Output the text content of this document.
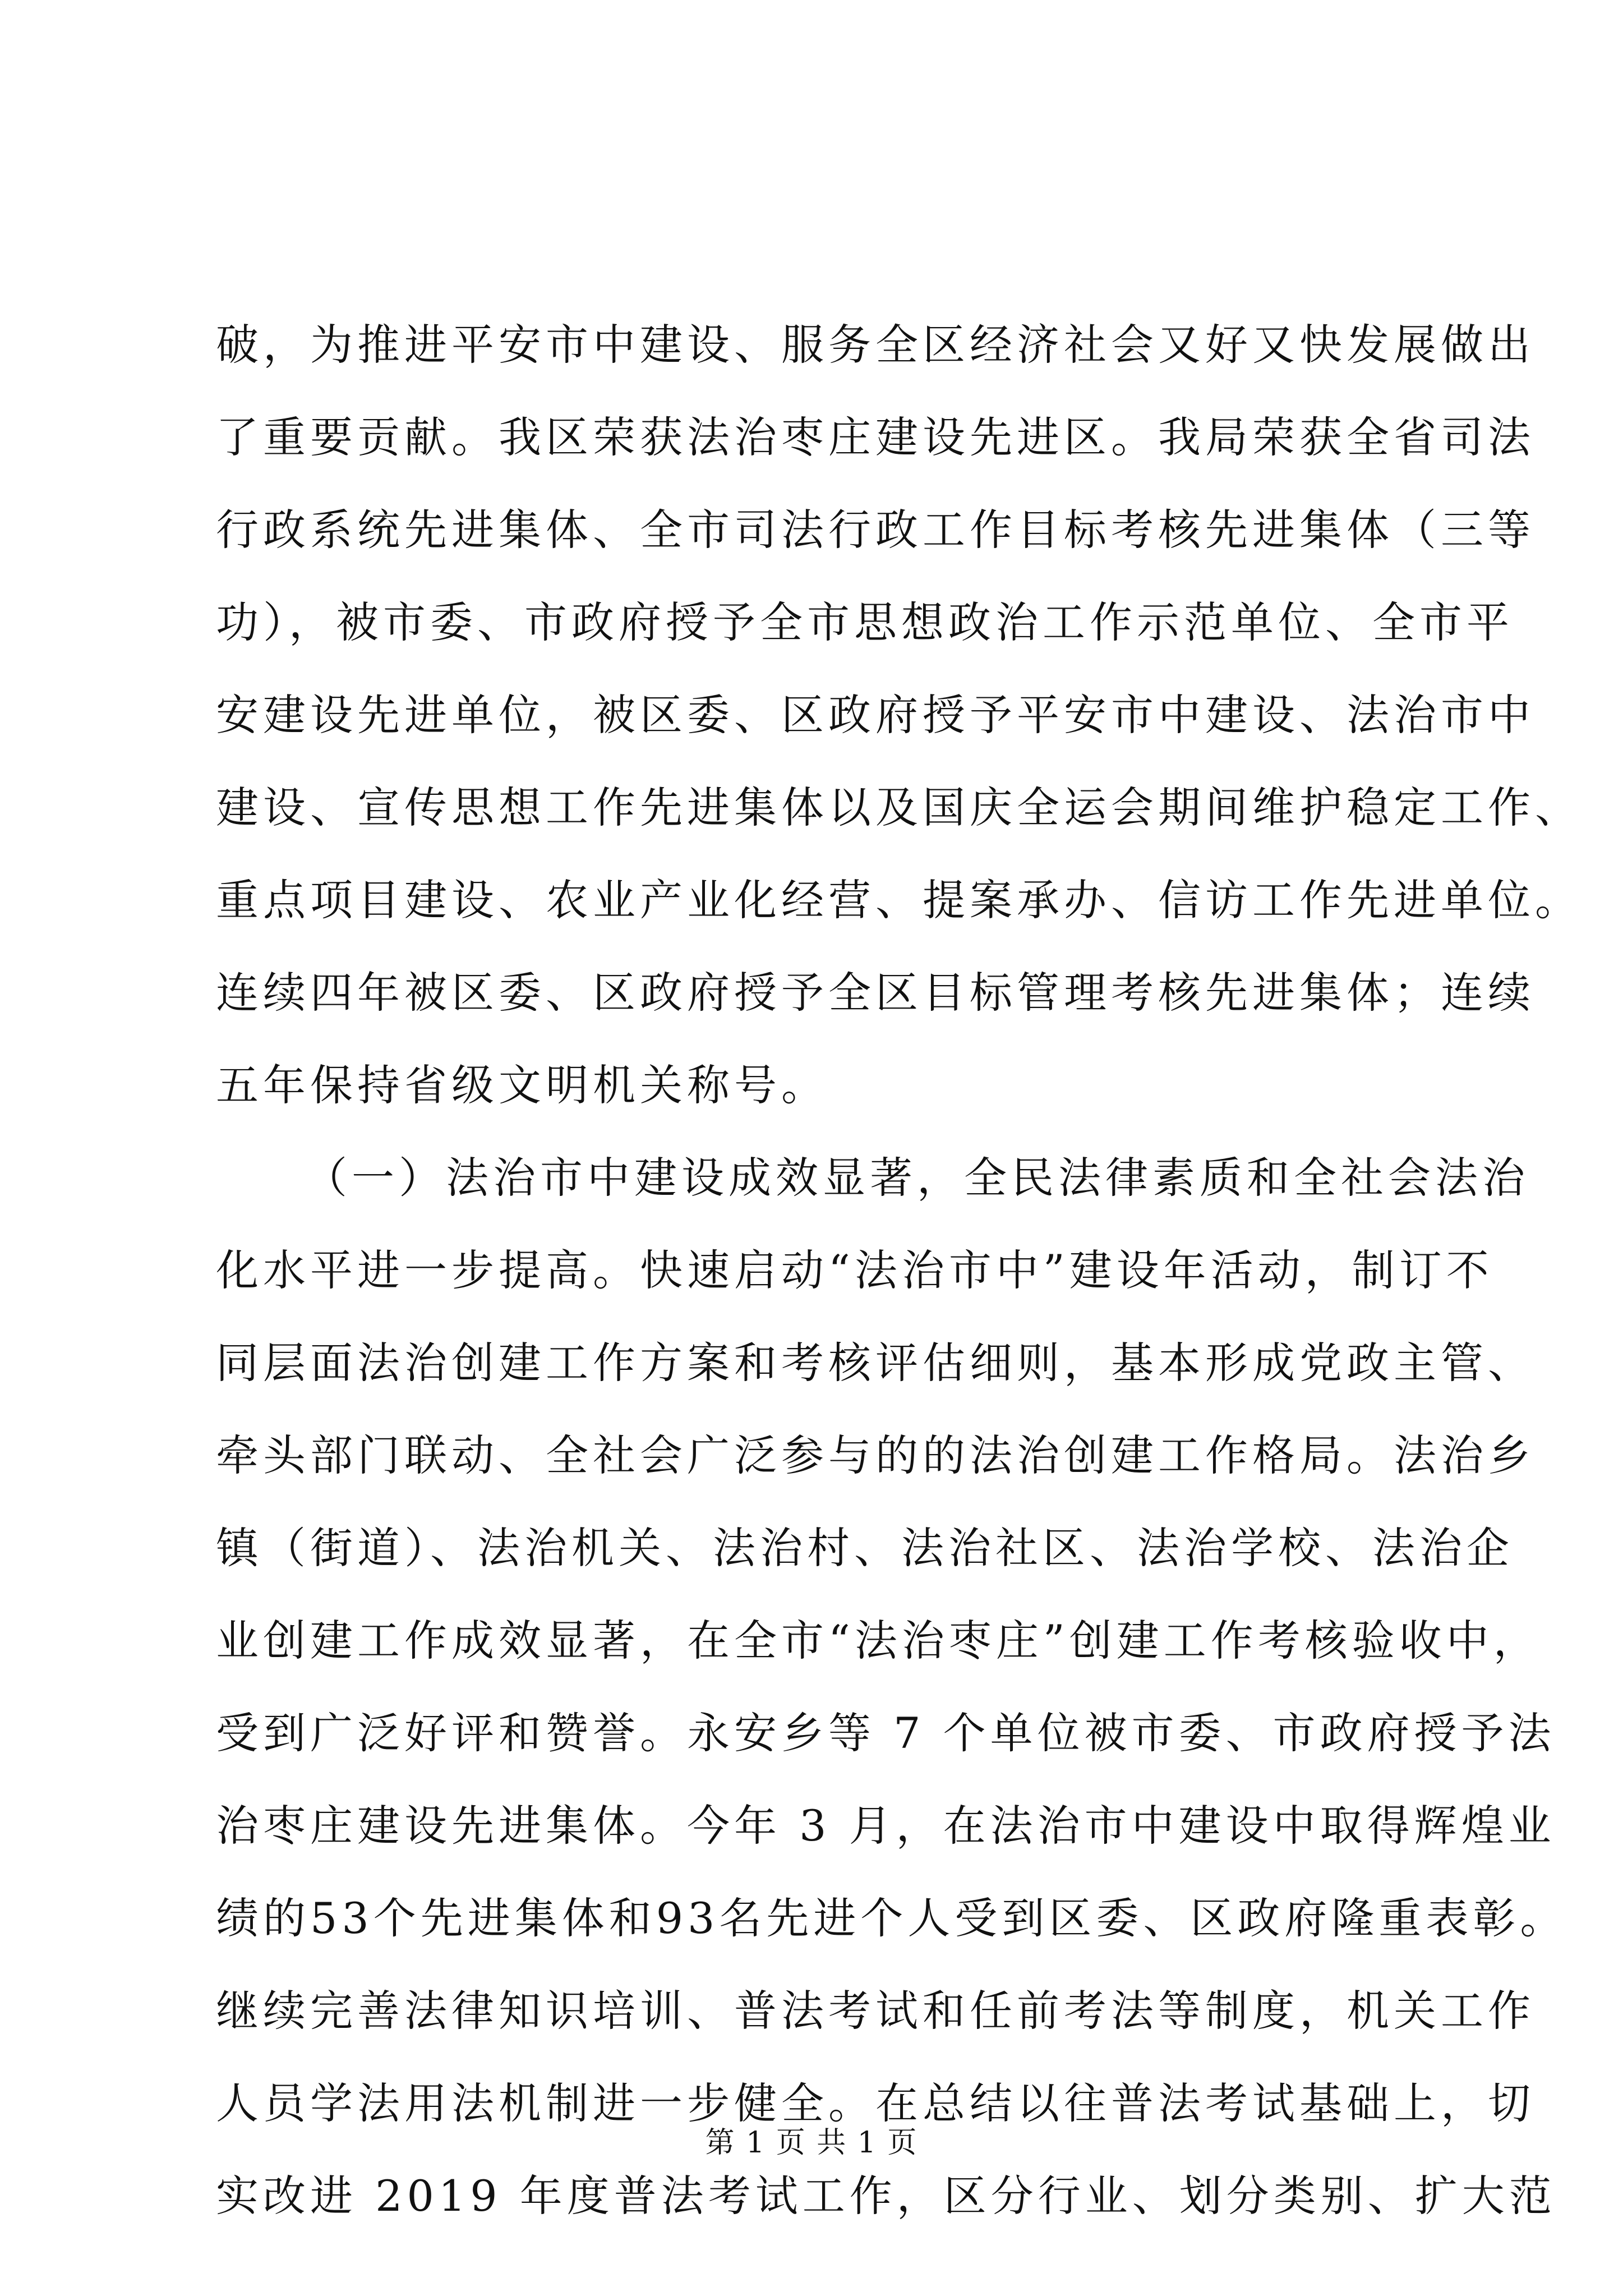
破，为推进平安市中建设、服务全区经济社会又好又快发展做出
了重要贡献。我区荣获法治枣庄建设先进区。我局荣获全省司法
行政系统先进集体、全市司法行政工作目标考核先进集体（三等
功），被市委、市政府授予全市思想政治工作示范单位、全市平
安建设先进单位，被区委、区政府授予平安市中建设、法治市中
建设、宣传思想工作先进集体以及国庆全运会期间维护稳定工作、
重点项目建设、农业产业化经营、提案承办、信访工作先进单位。
连续四年被区委、区政府授予全区目标管理考核先进集体；连续
五年保持省级文明机关称号。
（一）法治市中建设成效显著，全民法律素质和全社会法治
化水平进一步提高。快速启动“法治市中”建设年活动，制订不
同层面法治创建工作方案和考核评估细则，基本形成党政主管、
牵头部门联动、全社会广泛参与的的法治创建工作格局。法治乡
镇（街道）、法治机关、法治村、法治社区、法治学校、法治企
业创建工作成效显著，在全市“法治枣庄”创建工作考核验收中，
受到广泛好评和赞誉。永安乡等 7 个单位被市委、市政府授予法
治枣庄建设先进集体。今年 3 月，在法治市中建设中取得辉煌业
绩的53个先进集体和93名先进个人受到区委、区政府隆重表彰。
继续完善法律知识培训、普法考试和任前考法等制度，机关工作
人员学法用法机制进一步健全。在总结以往普法考试基础上，切
实改进 2019 年度普法考试工作，区分行业、划分类别、扩大范
第 1 页 共 1 页
